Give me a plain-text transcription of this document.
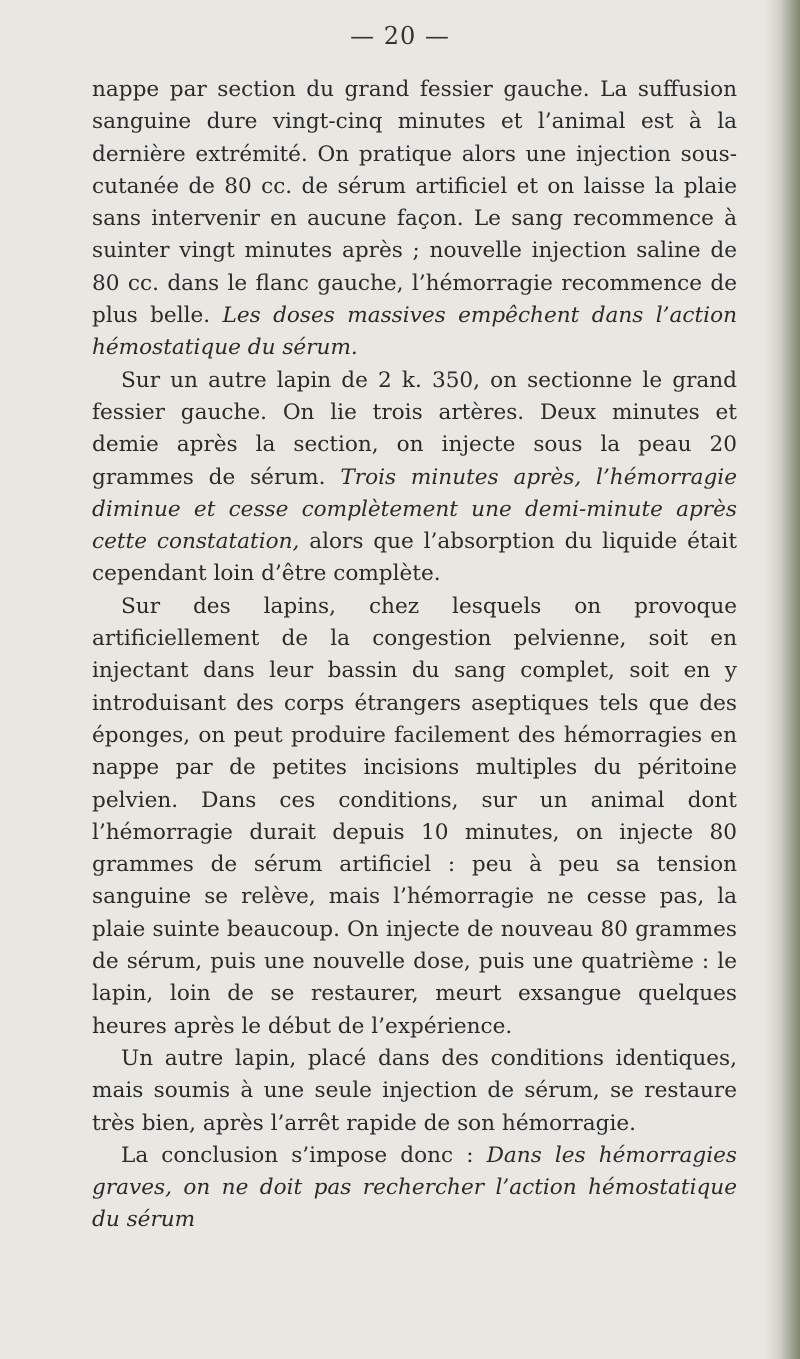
— 20 —

nappe par section du grand fessier gauche. La suffusion sanguine dure vingt-cinq minutes et l’animal est à la dernière extrémité. On pratique alors une injection sous-cutanée de 80 cc. de sérum artificiel et on laisse la plaie sans intervenir en aucune façon. Le sang recommence à suinter vingt minutes après ; nouvelle injection saline de 80 cc. dans le flanc gauche, l’hémorragie recommence de plus belle. Les doses massives empêchent dans l’action hémostatique du sérum.

Sur un autre lapin de 2 k. 350, on sectionne le grand fessier gauche. On lie trois artères. Deux minutes et demie après la section, on injecte sous la peau 20 grammes de sérum. Trois minutes après, l’hémorragie diminue et cesse complètement une demi-minute après cette constatation, alors que l’absorption du liquide était cependant loin d’être complète.

Sur des lapins, chez lesquels on provoque artificiellement de la congestion pelvienne, soit en injectant dans leur bassin du sang complet, soit en y introduisant des corps étrangers aseptiques tels que des éponges, on peut produire facilement des hémorragies en nappe par de petites incisions multiples du péritoine pelvien. Dans ces conditions, sur un animal dont l’hémorragie durait depuis 10 minutes, on injecte 80 grammes de sérum artificiel : peu à peu sa tension sanguine se relève, mais l’hémorragie ne cesse pas, la plaie suinte beaucoup. On injecte de nouveau 80 grammes de sérum, puis une nouvelle dose, puis une quatrième : le lapin, loin de se restaurer, meurt exsangue quelques heures après le début de l’expérience.

Un autre lapin, placé dans des conditions identiques, mais soumis à une seule injection de sérum, se restaure très bien, après l’arrêt rapide de son hémorragie.

La conclusion s’impose donc : Dans les hémorragies graves, on ne doit pas rechercher l’action hémostatique du sérum
